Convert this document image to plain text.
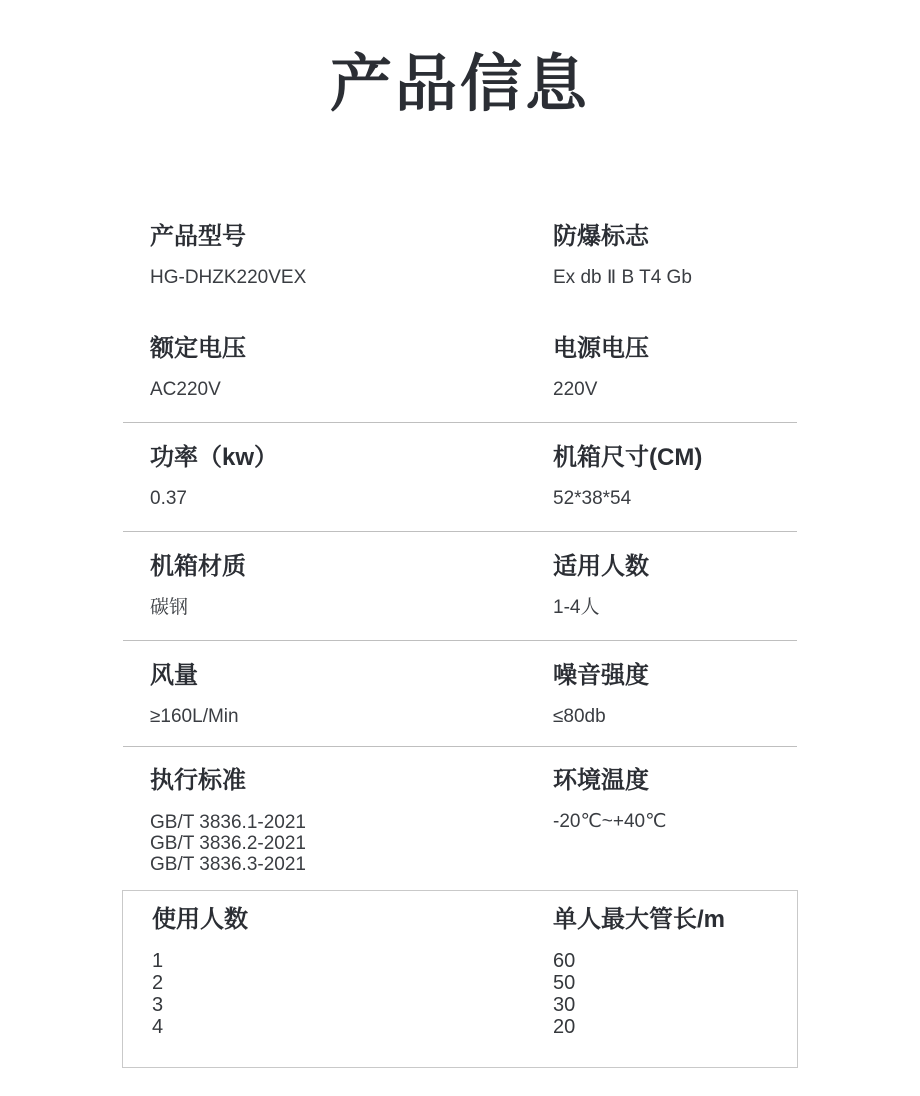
产品信息
产品型号
HG-DHZK220VEX
防爆标志
Ex db Ⅱ B T4 Gb
额定电压
AC220V
电源电压
220V
功率（kw）
0.37
机箱尺寸(CM)
52*38*54
机箱材质
碳钢
适用人数
1-4人
风量
≥160L/Min
噪音强度
≤80db
执行标准
GB/T 3836.1-2021
GB/T 3836.2-2021
GB/T 3836.3-2021
环境温度
-20℃~+40℃
使用人数	单人最大管长/m
1	60
2	50
3	30
4	20
